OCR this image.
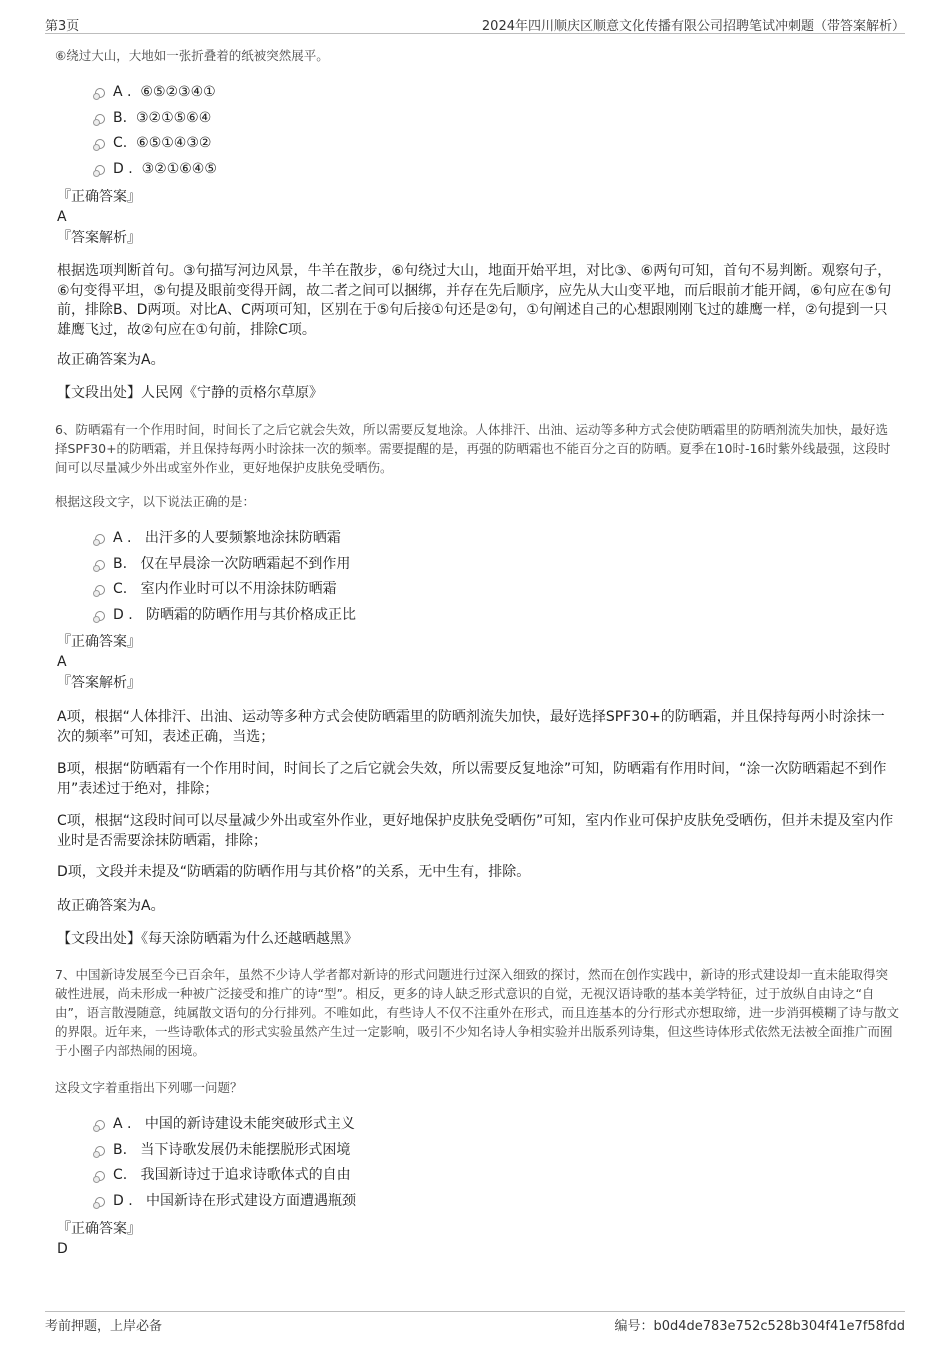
第3页	2024年四川顺庆区顺意文化传播有限公司招聘笔试冲刺题（带答案解析）
⑥绕过大山，大地如一张折叠着的纸被突然展平。
A . ⑥⑤②③④①
B. ③②①⑤⑥④
C. ⑥⑤①④③②
D . ③②①⑥④⑤
『正确答案』
A
『答案解析』
根据选项判断首句。③句描写河边风景，牛羊在散步，⑥句绕过大山，地面开始平坦，对比③、⑥两句可知，首句不易判断。观察句子，⑥句变得平坦，⑤句提及眼前变得开阔，故二者之间可以捆绑，并存在先后顺序，应先从大山变平地，而后眼前才能开阔，⑥句应在⑤句前，排除B、D两项。对比A、C两项可知，区别在于⑤句后接①句还是②句，①句阐述自己的心想跟刚刚飞过的雄鹰一样，②句提到一只雄鹰飞过，故②句应在①句前，排除C项。
故正确答案为A。
【文段出处】人民网《宁静的贡格尔草原》
6、防晒霜有一个作用时间，时间长了之后它就会失效，所以需要反复地涂。人体排汗、出油、运动等多种方式会使防晒霜里的防晒剂流失加快，最好选择SPF30+的防晒霜，并且保持每两小时涂抹一次的频率。需要提醒的是，再强的防晒霜也不能百分之百的防晒。夏季在10时-16时紫外线最强，这段时间可以尽量减少外出或室外作业，更好地保护皮肤免受晒伤。
根据这段文字，以下说法正确的是：
A . 出汗多的人要频繁地涂抹防晒霜
B. 仅在早晨涂一次防晒霜起不到作用
C. 室内作业时可以不用涂抹防晒霜
D . 防晒霜的防晒作用与其价格成正比
『正确答案』
A
『答案解析』
A项，根据“人体排汗、出油、运动等多种方式会使防晒霜里的防晒剂流失加快，最好选择SPF30+的防晒霜，并且保持每两小时涂抹一次的频率”可知，表述正确，当选；
B项，根据“防晒霜有一个作用时间，时间长了之后它就会失效，所以需要反复地涂”可知，防晒霜有作用时间，“涂一次防晒霜起不到作用”表述过于绝对，排除；
C项，根据“这段时间可以尽量减少外出或室外作业，更好地保护皮肤免受晒伤”可知，室内作业可保护皮肤免受晒伤，但并未提及室内作业时是否需要涂抹防晒霜，排除；
D项，文段并未提及“防晒霜的防晒作用与其价格”的关系，无中生有，排除。
故正确答案为A。
【文段出处】《每天涂防晒霜为什么还越晒越黑》
7、中国新诗发展至今已百余年，虽然不少诗人学者都对新诗的形式问题进行过深入细致的探讨，然而在创作实践中，新诗的形式建设却一直未能取得突破性进展，尚未形成一种被广泛接受和推广的诗“型”。相反，更多的诗人缺乏形式意识的自觉，无视汉语诗歌的基本美学特征，过于放纵自由诗之“自由”，语言散漫随意，纯属散文语句的分行排列。不唯如此，有些诗人不仅不注重外在形式，而且连基本的分行形式亦想取缔，进一步消弭模糊了诗与散文的界限。近年来，一些诗歌体式的形式实验虽然产生过一定影响，吸引不少知名诗人争相实验并出版系列诗集，但这些诗体形式依然无法被全面推广而囿于小圈子内部热闹的困境。
这段文字着重指出下列哪一问题？
A . 中国的新诗建设未能突破形式主义
B. 当下诗歌发展仍未能摆脱形式困境
C. 我国新诗过于追求诗歌体式的自由
D . 中国新诗在形式建设方面遭遇瓶颈
『正确答案』
D
考前押题，上岸必备	编号：b0d4de783e752c528b304f41e7f58fdd
